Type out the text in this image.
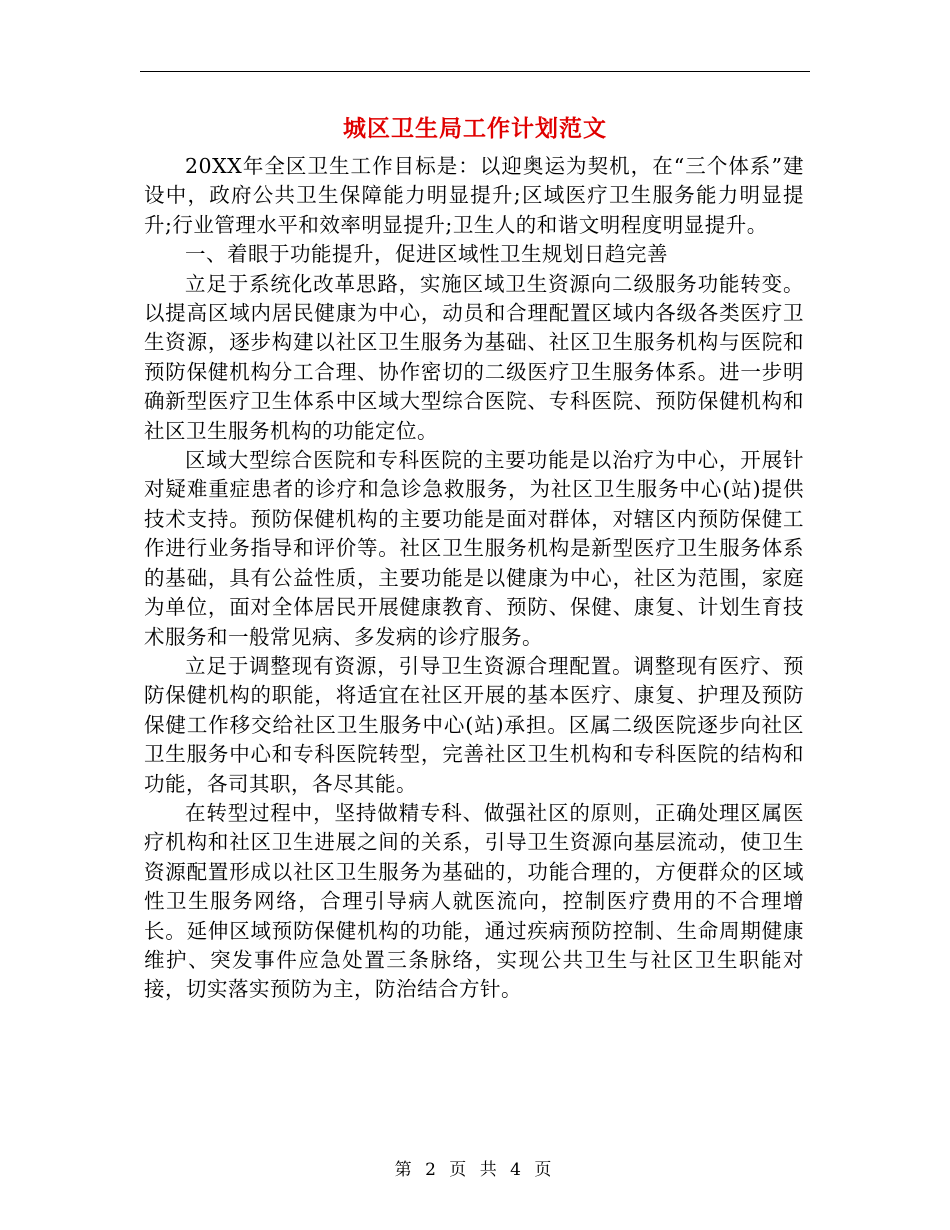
城区卫生局工作计划范文

20XX年全区卫生工作目标是：以迎奥运为契机，在“三个体系”建设中，政府公共卫生保障能力明显提升;区域医疗卫生服务能力明显提升;行业管理水平和效率明显提升;卫生人的和谐文明程度明显提升。

一、着眼于功能提升，促进区域性卫生规划日趋完善

立足于系统化改革思路，实施区域卫生资源向二级服务功能转变。以提高区域内居民健康为中心，动员和合理配置区域内各级各类医疗卫生资源，逐步构建以社区卫生服务为基础、社区卫生服务机构与医院和预防保健机构分工合理、协作密切的二级医疗卫生服务体系。进一步明确新型医疗卫生体系中区域大型综合医院、专科医院、预防保健机构和社区卫生服务机构的功能定位。

区域大型综合医院和专科医院的主要功能是以治疗为中心，开展针对疑难重症患者的诊疗和急诊急救服务，为社区卫生服务中心(站)提供技术支持。预防保健机构的主要功能是面对群体，对辖区内预防保健工作进行业务指导和评价等。社区卫生服务机构是新型医疗卫生服务体系的基础，具有公益性质，主要功能是以健康为中心，社区为范围，家庭为单位，面对全体居民开展健康教育、预防、保健、康复、计划生育技术服务和一般常见病、多发病的诊疗服务。

立足于调整现有资源，引导卫生资源合理配置。调整现有医疗、预防保健机构的职能，将适宜在社区开展的基本医疗、康复、护理及预防保健工作移交给社区卫生服务中心(站)承担。区属二级医院逐步向社区卫生服务中心和专科医院转型，完善社区卫生机构和专科医院的结构和功能，各司其职，各尽其能。

在转型过程中，坚持做精专科、做强社区的原则，正确处理区属医疗机构和社区卫生进展之间的关系，引导卫生资源向基层流动，使卫生资源配置形成以社区卫生服务为基础的，功能合理的，方便群众的区域性卫生服务网络，合理引导病人就医流向，控制医疗费用的不合理增长。延伸区域预防保健机构的功能，通过疾病预防控制、生命周期健康维护、突发事件应急处置三条脉络，实现公共卫生与社区卫生职能对接，切实落实预防为主，防治结合方针。

第 2 页 共 4 页
